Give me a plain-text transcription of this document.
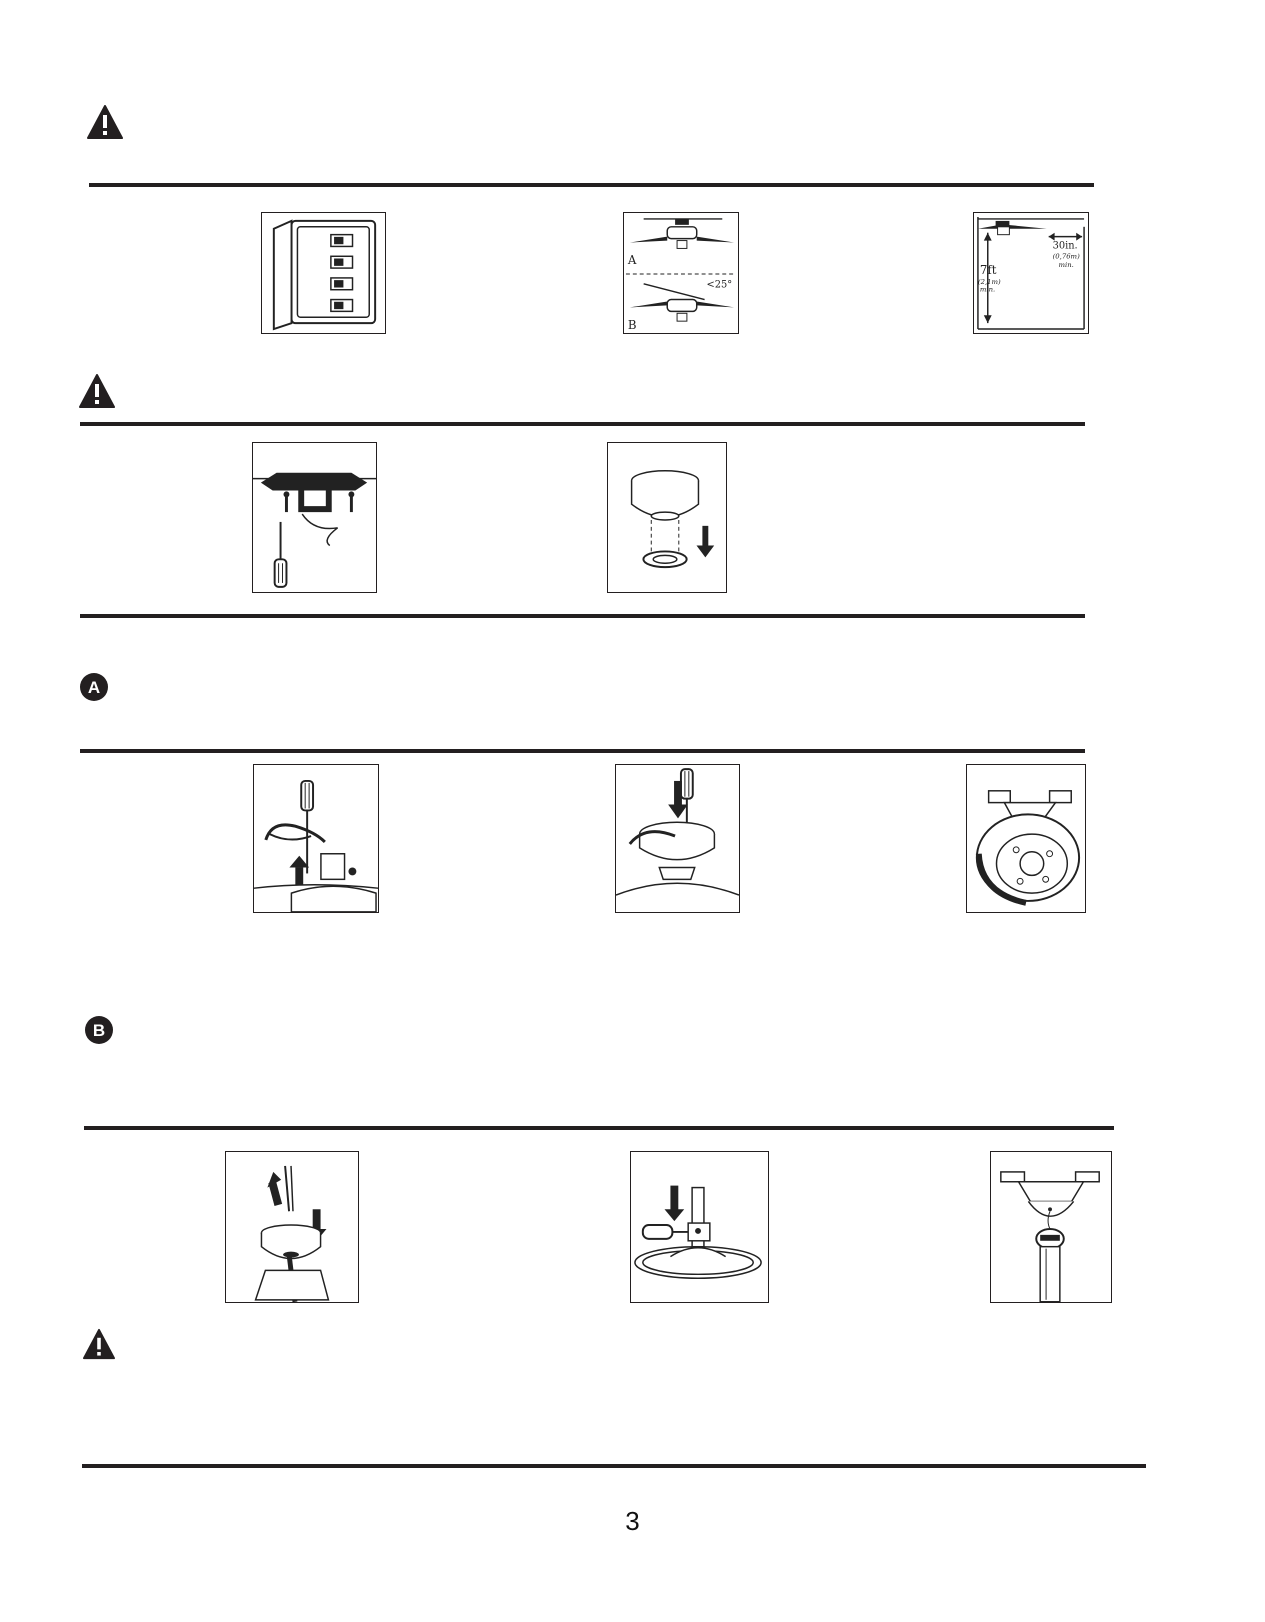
A
<25°
B
30in.
(0,76m)
min.
7ft
(2,1m)
min.
A
B
3
